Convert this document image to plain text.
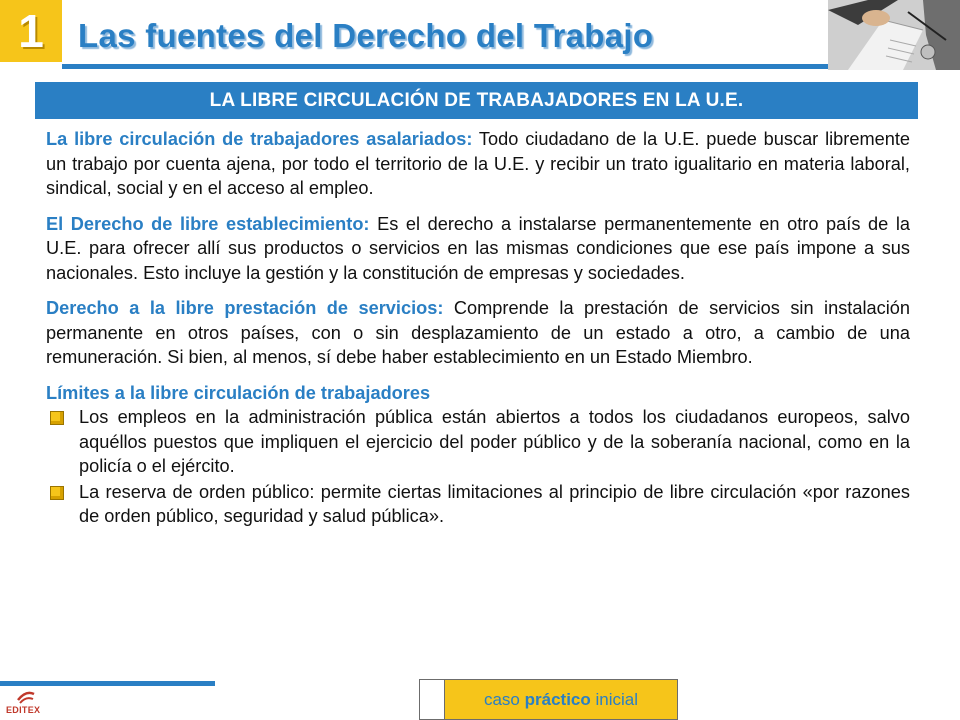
1 Las fuentes del Derecho del Trabajo
LA LIBRE CIRCULACIÓN DE TRABAJADORES EN LA U.E.

La libre circulación de trabajadores asalariados: Todo ciudadano de la U.E. puede buscar libremente un trabajo por cuenta ajena, por todo el territorio de la U.E. y recibir un trato igualitario en materia laboral, sindical, social y en el acceso al empleo.

El Derecho de libre establecimiento: Es el derecho a instalarse permanentemente en otro país de la U.E. para ofrecer allí sus productos o servicios en las mismas condiciones que ese país impone a sus nacionales. Esto incluye la gestión y la constitución de empresas y sociedades.

Derecho a la libre prestación de servicios: Comprende la prestación de servicios sin instalación permanente en otros países, con o sin desplazamiento de un estado a otro, a cambio de una remuneración. Si bien, al menos, sí debe haber establecimiento en un Estado Miembro.

Límites a la libre circulación de trabajadores

Los empleos en la administración pública están abiertos a todos los ciudadanos europeos, salvo aquéllos puestos que impliquen el ejercicio del poder público y de la soberanía nacional, como en la policía o el ejército.
La reserva de orden público: permite ciertas limitaciones al principio de libre circulación «por razones de orden público, seguridad y salud pública».
EDITEX
caso
práctico
inicial
